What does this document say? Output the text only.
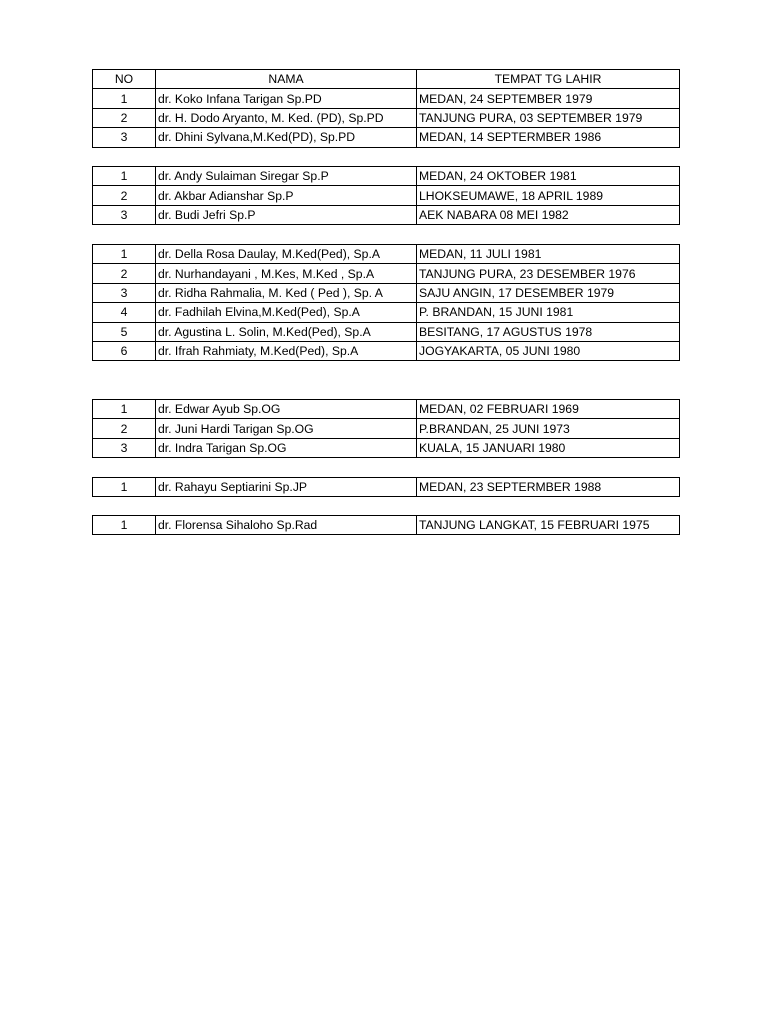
NO	NAMA	TEMPAT TG LAHIR
1	dr. Koko Infana Tarigan Sp.PD	MEDAN, 24 SEPTEMBER 1979
2	dr. H. Dodo Aryanto, M. Ked. (PD), Sp.PD	TANJUNG PURA, 03 SEPTEMBER 1979
3	dr. Dhini Sylvana,M.Ked(PD), Sp.PD	MEDAN, 14 SEPTERMBER 1986
1	dr. Andy Sulaiman Siregar Sp.P	MEDAN, 24 OKTOBER 1981
2	dr. Akbar Adianshar Sp.P	LHOKSEUMAWE, 18 APRIL 1989
3	dr. Budi Jefri Sp.P	AEK NABARA 08 MEI 1982
1	dr. Della Rosa Daulay, M.Ked(Ped), Sp.A	MEDAN, 11 JULI 1981
2	dr. Nurhandayani , M.Kes, M.Ked , Sp.A	TANJUNG PURA, 23 DESEMBER 1976
3	dr. Ridha Rahmalia, M. Ked ( Ped ), Sp. A	SAJU ANGIN, 17 DESEMBER 1979
4	dr. Fadhilah Elvina,M.Ked(Ped), Sp.A	P. BRANDAN, 15 JUNI 1981
5	dr. Agustina L. Solin, M.Ked(Ped), Sp.A	BESITANG, 17 AGUSTUS 1978
6	dr. Ifrah Rahmiaty, M.Ked(Ped), Sp.A	JOGYAKARTA, 05 JUNI 1980
1	dr. Edwar Ayub Sp.OG	MEDAN, 02 FEBRUARI 1969
2	dr. Juni Hardi Tarigan Sp.OG	P.BRANDAN, 25 JUNI 1973
3	dr. Indra Tarigan Sp.OG	KUALA, 15 JANUARI 1980
1	dr. Rahayu Septiarini Sp.JP	MEDAN, 23 SEPTERMBER 1988
1	dr. Florensa Sihaloho Sp.Rad	TANJUNG LANGKAT, 15 FEBRUARI 1975
